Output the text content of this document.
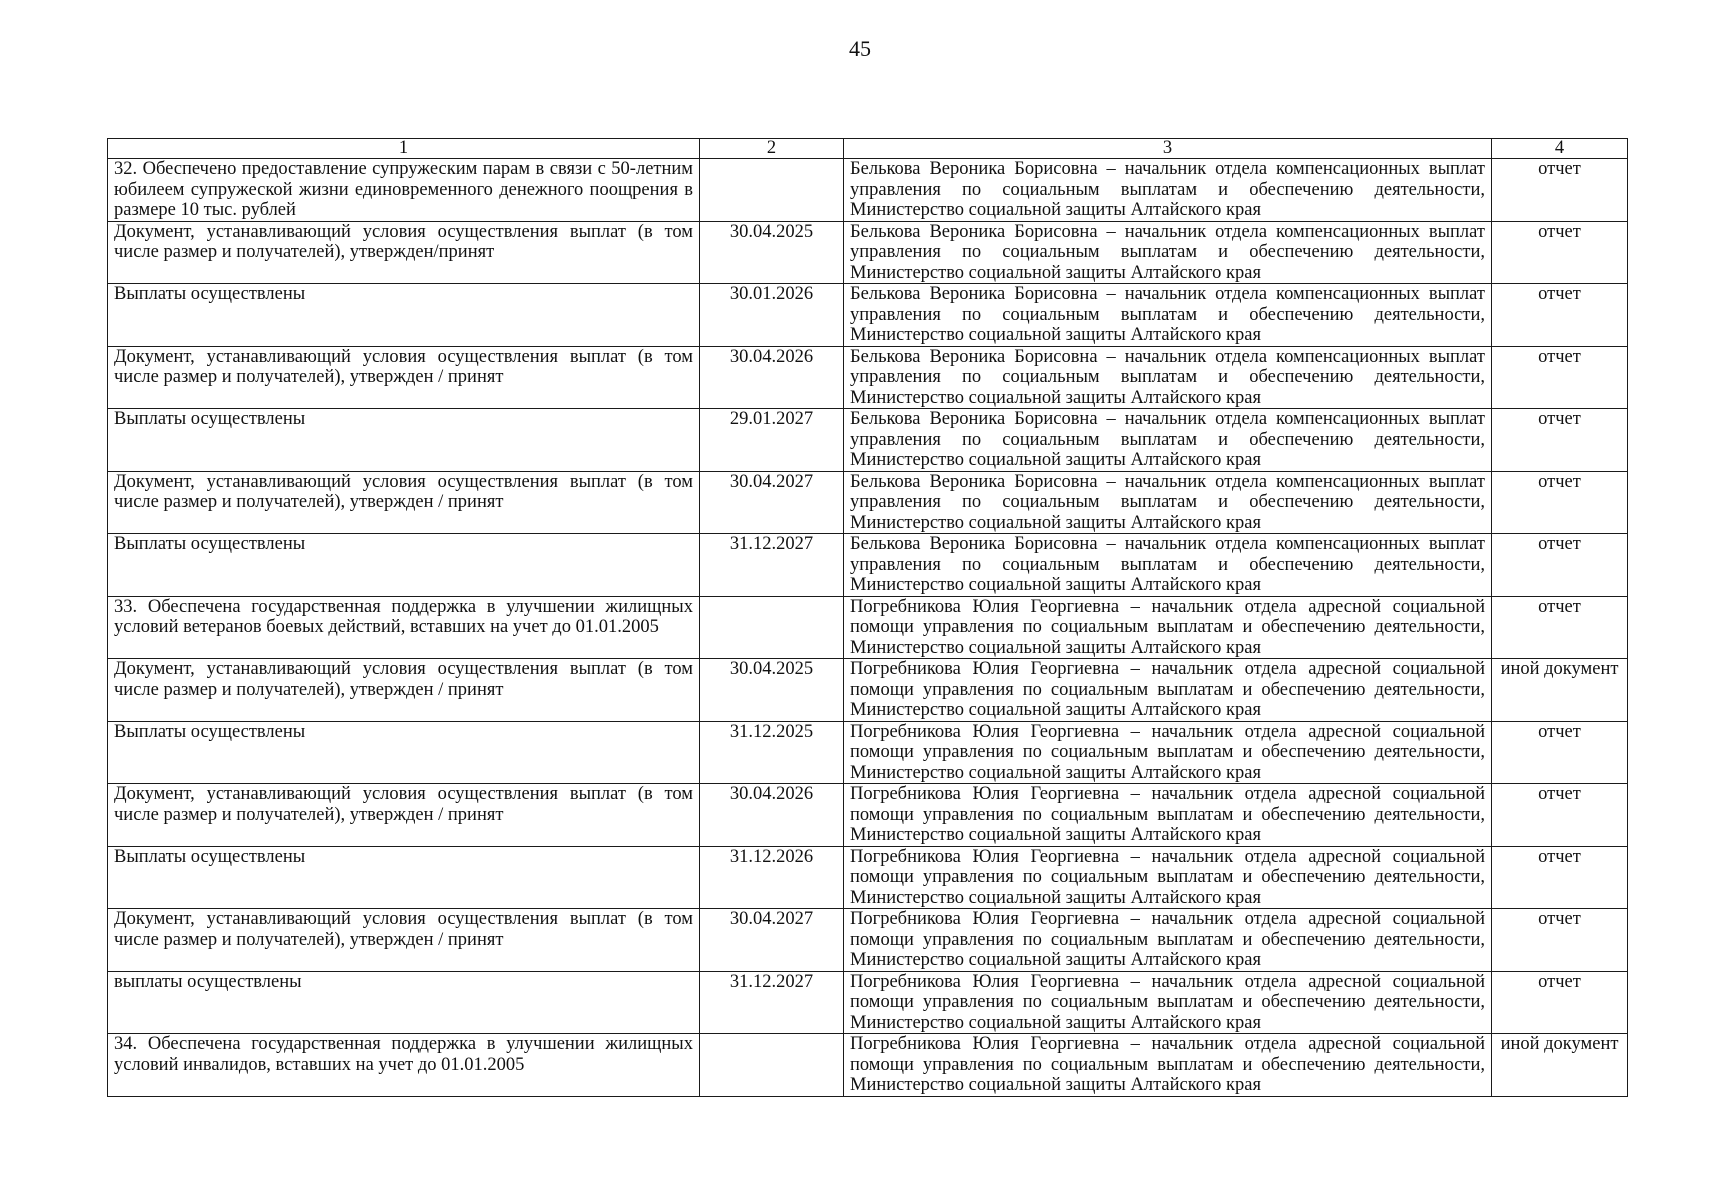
45
1	2	3	4
32. Обеспечено предоставление супружеским парам в связи с 50-летним юбилеем супружеской жизни единовременного денежного поощрения в размере 10 тыс. рублей		Белькова Вероника Борисовна – начальник отдела компенсационных выплат управления по социальным выплатам и обеспечению деятельности, Министерство социальной защиты Алтайского края	отчет
Документ, устанавливающий условия осуществления выплат (в том числе размер и получателей), утвержден/принят	30.04.2025	Белькова Вероника Борисовна – начальник отдела компенсационных выплат управления по социальным выплатам и обеспечению деятельности, Министерство социальной защиты Алтайского края	отчет
Выплаты осуществлены	30.01.2026	Белькова Вероника Борисовна – начальник отдела компенсационных выплат управления по социальным выплатам и обеспечению деятельности, Министерство социальной защиты Алтайского края	отчет
Документ, устанавливающий условия осуществления выплат (в том числе размер и получателей), утвержден / принят	30.04.2026	Белькова Вероника Борисовна – начальник отдела компенсационных выплат управления по социальным выплатам и обеспечению деятельности, Министерство социальной защиты Алтайского края	отчет
Выплаты осуществлены	29.01.2027	Белькова Вероника Борисовна – начальник отдела компенсационных выплат управления по социальным выплатам и обеспечению деятельности, Министерство социальной защиты Алтайского края	отчет
Документ, устанавливающий условия осуществления выплат (в том числе размер и получателей), утвержден / принят	30.04.2027	Белькова Вероника Борисовна – начальник отдела компенсационных выплат управления по социальным выплатам и обеспечению деятельности, Министерство социальной защиты Алтайского края	отчет
Выплаты осуществлены	31.12.2027	Белькова Вероника Борисовна – начальник отдела компенсационных выплат управления по социальным выплатам и обеспечению деятельности, Министерство социальной защиты Алтайского края	отчет
33. Обеспечена государственная поддержка в улучшении жилищных условий ветеранов боевых действий, вставших на учет до 01.01.2005		Погребникова Юлия Георгиевна – начальник отдела адресной социальной помощи управления по социальным выплатам и обеспечению деятельности, Министерство социальной защиты Алтайского края	отчет
Документ, устанавливающий условия осуществления выплат (в том числе размер и получателей), утвержден / принят	30.04.2025	Погребникова Юлия Георгиевна – начальник отдела адресной социальной помощи управления по социальным выплатам и обеспечению деятельности, Министерство социальной защиты Алтайского края	иной документ
Выплаты осуществлены	31.12.2025	Погребникова Юлия Георгиевна – начальник отдела адресной социальной помощи управления по социальным выплатам и обеспечению деятельности, Министерство социальной защиты Алтайского края	отчет
Документ, устанавливающий условия осуществления выплат (в том числе размер и получателей), утвержден / принят	30.04.2026	Погребникова Юлия Георгиевна – начальник отдела адресной социальной помощи управления по социальным выплатам и обеспечению деятельности, Министерство социальной защиты Алтайского края	отчет
Выплаты осуществлены	31.12.2026	Погребникова Юлия Георгиевна – начальник отдела адресной социальной помощи управления по социальным выплатам и обеспечению деятельности, Министерство социальной защиты Алтайского края	отчет
Документ, устанавливающий условия осуществления выплат (в том числе размер и получателей), утвержден / принят	30.04.2027	Погребникова Юлия Георгиевна – начальник отдела адресной социальной помощи управления по социальным выплатам и обеспечению деятельности, Министерство социальной защиты Алтайского края	отчет
выплаты осуществлены	31.12.2027	Погребникова Юлия Георгиевна – начальник отдела адресной социальной помощи управления по социальным выплатам и обеспечению деятельности, Министерство социальной защиты Алтайского края	отчет
34. Обеспечена государственная поддержка в улучшении жилищных условий инвалидов, вставших на учет до 01.01.2005		Погребникова Юлия Георгиевна – начальник отдела адресной социальной помощи управления по социальным выплатам и обеспечению деятельности, Министерство социальной защиты Алтайского края	иной документ
